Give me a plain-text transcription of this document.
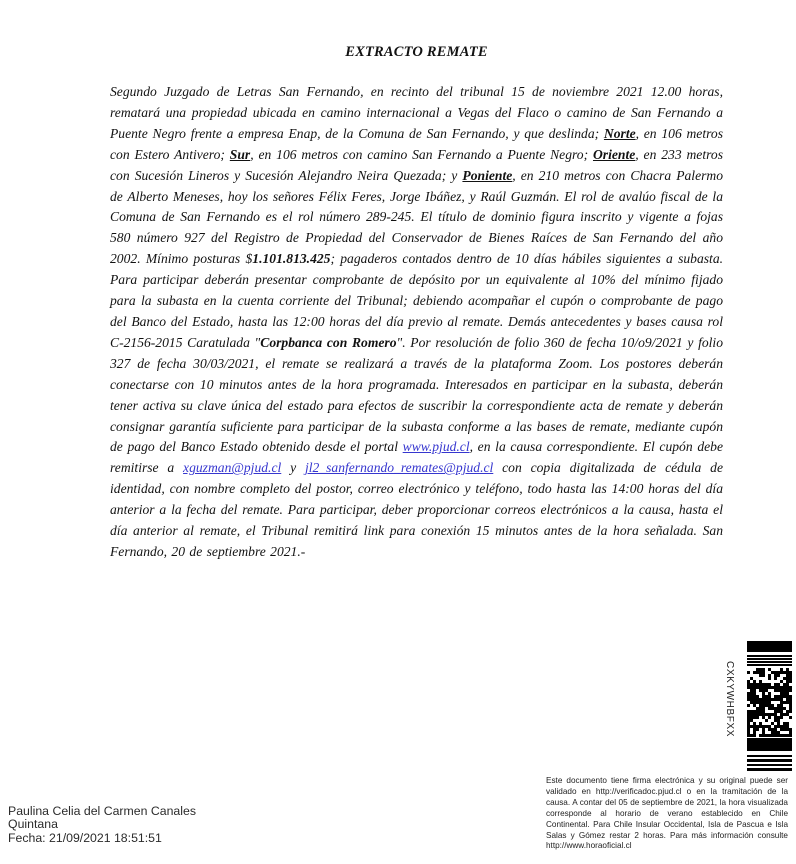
EXTRACTO REMATE
Segundo Juzgado de Letras San Fernando, en recinto del tribunal 15 de noviembre 2021 12.00 horas, rematará una propiedad ubicada en camino internacional a Vegas del Flaco o camino de San Fernando a Puente Negro frente a empresa Enap, de la Comuna de San Fernando, y que deslinda; Norte, en 106 metros con Estero Antivero; Sur, en 106 metros con camino San Fernando a Puente Negro; Oriente, en 233 metros con Sucesión Lineros y Sucesión Alejandro Neira Quezada; y Poniente, en 210 metros con Chacra Palermo de Alberto Meneses, hoy los señores Félix Feres, Jorge Ibáñez, y Raúl Guzmán. El rol de avalúo fiscal de la Comuna de San Fernando es el rol número 289-245. El título de dominio figura inscrito y vigente a fojas 580 número 927 del Registro de Propiedad del Conservador de Bienes Raíces de San Fernando del año 2002. Mínimo posturas $1.101.813.425; pagaderos contados dentro de 10 días hábiles siguientes a subasta. Para participar deberán presentar comprobante de depósito por un equivalente al 10% del mínimo fijado para la subasta en la cuenta corriente del Tribunal; debiendo acompañar el cupón o comprobante de pago del Banco del Estado, hasta las 12:00 horas del día previo al remate. Demás antecedentes y bases causa rol C-2156-2015 Caratulada "Corpbanca con Romero". Por resolución de folio 360 de fecha 10/o9/2021 y folio 327 de fecha 30/03/2021, el remate se realizará a través de la plataforma Zoom. Los postores deberán conectarse con 10 minutos antes de la hora programada. Interesados en participar en la subasta, deberán tener activa su clave única del estado para efectos de suscribir la correspondiente acta de remate y deberán consignar garantía suficiente para participar de la subasta conforme a las bases de remate, mediante cupón de pago del Banco Estado obtenido desde el portal www.pjud.cl, en la causa correspondiente. El cupón debe remitirse a xguzman@pjud.cl y jl2_sanfernando_remates@pjud.cl con copia digitalizada de cédula de identidad, con nombre completo del postor, correo electrónico y teléfono, todo hasta las 14:00 horas del día anterior a la fecha del remate. Para participar, deber proporcionar correos electrónicos a la causa, hasta el día anterior al remate, el Tribunal remitirá link para conexión 15 minutos antes de la hora señalada. San Fernando, 20 de septiembre 2021.-
CXKYWHBFXX
Este documento tiene firma electrónica y su original puede ser validado en http://verificadoc.pjud.cl o en la tramitación de la causa. A contar del 05 de septiembre de 2021, la hora visualizada corresponde al horario de verano establecido en Chile Continental. Para Chile Insular Occidental, Isla de Pascua e Isla Salas y Gómez restar 2 horas. Para más información consulte http://www.horaoficial.cl
Paulina Celia del Carmen Canales
Quintana
Fecha: 21/09/2021 18:51:51
